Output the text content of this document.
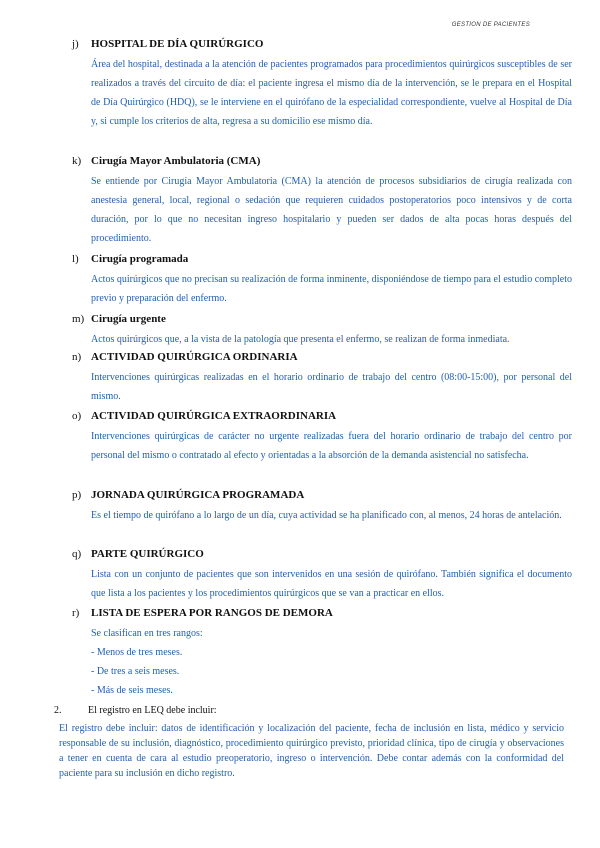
GESTION DE PACIENTES
j)	HOSPITAL DE DÍA QUIRÚRGICO
Área del hospital, destinada a la atención de pacientes programados para procedimientos quirúrgicos susceptibles de ser realizados a través del circuito de día: el paciente ingresa el mismo día de la intervención, se le prepara en el Hospital de Día Quirúrgico (HDQ), se le interviene en el quirófano de la especialidad correspondiente, vuelve al Hospital de Día y, si cumple los criterios de alta, regresa a su domicilio ese mismo día.
k) Cirugía Mayor Ambulatoria (CMA)
Se entiende por Cirugía Mayor Ambulatoria (CMA) la atención de procesos subsidiarios de cirugía realizada con anestesia general, local, regional o sedación que requieren cuidados postoperatorios poco intensivos y de corta duración, por lo que no necesitan ingreso hospitalario y pueden ser dados de alta pocas horas después del procedimiento.
l)	Cirugía programada
Actos quirúrgicos que no precisan su realización de forma inminente, disponiéndose de tiempo para el estudio completo previo y preparación del enfermo.
m) Cirugía urgente
Actos quirúrgicos que, a la vista de la patología que presenta el enfermo, se realizan de forma inmediata.
n) ACTIVIDAD QUIRÚRGICA ORDINARIA
Intervenciones quirúrgicas realizadas en el horario ordinario de trabajo del centro (08:00-15:00), por personal del mismo.
o) ACTIVIDAD QUIRÚRGICA EXTRAORDINARIA
Intervenciones quirúrgicas de carácter no urgente realizadas fuera del horario ordinario de trabajo del centro por personal del mismo o contratado al efecto y orientadas a la absorción de la demanda asistencial no satisfecha.
p) JORNADA QUIRÚRGICA PROGRAMADA
Es el tiempo de quirófano a lo largo de un día, cuya actividad se ha planificado con, al menos, 24 horas de antelación.
q) PARTE QUIRÚRGICO
Lista con un conjunto de pacientes que son intervenidos en una sesión de quirófano. También significa el documento que lista a los pacientes y los procedimientos quirúrgicos que se van a practicar en ellos.
r)	LISTA DE ESPERA POR RANGOS DE DEMORA
Se clasifican en tres rangos:
- Menos de tres meses.
- De tres a seis meses.
- Más de seis meses.
2.	El registro en LEQ debe incluir:
El registro debe incluir: datos de identificación y localización del paciente, fecha de inclusión en lista, médico y servicio responsable de su inclusión, diagnóstico, procedimiento quirúrgico previsto, prioridad clínica, tipo de cirugía y observaciones a tener en cuenta de cara al estudio preoperatorio, ingreso o intervención. Debe contar además con la conformidad del paciente para su inclusión en dicho registro.
